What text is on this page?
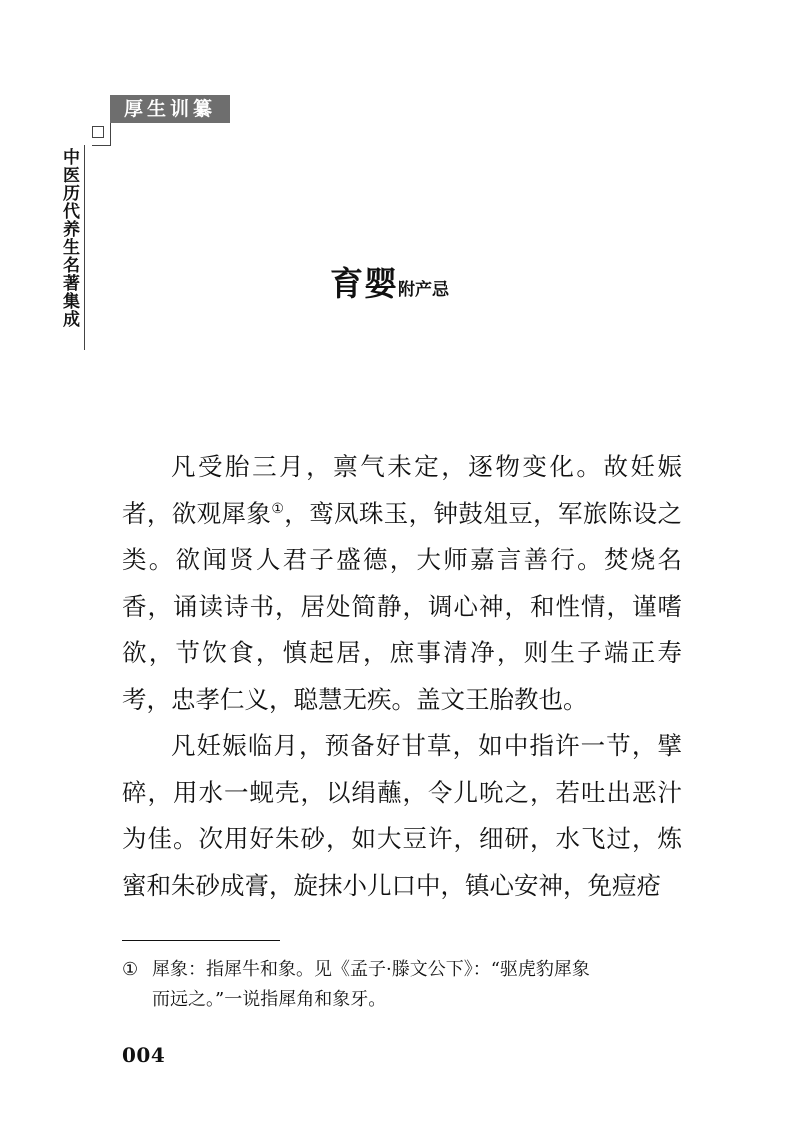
厚生训纂
中医历代养生名著集成	育婴附产忌

凡受胎三月，禀气未定，逐物变化。故妊娠者，欲观犀象①，鸾凤珠玉，钟鼓俎豆，军旅陈设之类。欲闻贤人君子盛德，大师嘉言善行。焚烧名香，诵读诗书，居处简静，调心神，和性情，谨嗜欲，节饮食，慎起居，庶事清净，则生子端正寿考，忠孝仁义，聪慧无疾。盖文王胎教也。

凡妊娠临月，预备好甘草，如中指许一节，擘碎，用水一蚬壳，以绢蘸，令儿吮之，若吐出恶汁为佳。次用好朱砂，如大豆许，细研，水飞过，炼蜜和朱砂成膏，旋抹小儿口中，镇心安神，免痘疮

① 犀象：指犀牛和象。见《孟子·滕文公下》：“驱虎豹犀象
而远之。”一说指犀角和象牙。
004
